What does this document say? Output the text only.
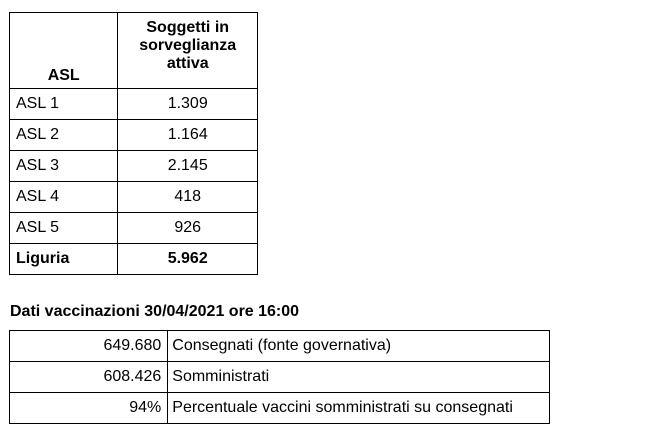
ASL	Soggetti in
sorveglianza
attiva
ASL 1	1.309
ASL 2	1.164
ASL 3	2.145
ASL 4	418
ASL 5	926
Liguria	5.962
Dati vaccinazioni 30/04/2021 ore 16:00
649.680	Consegnati (fonte governativa)
608.426	Somministrati
94%	Percentuale vaccini somministrati su consegnati
